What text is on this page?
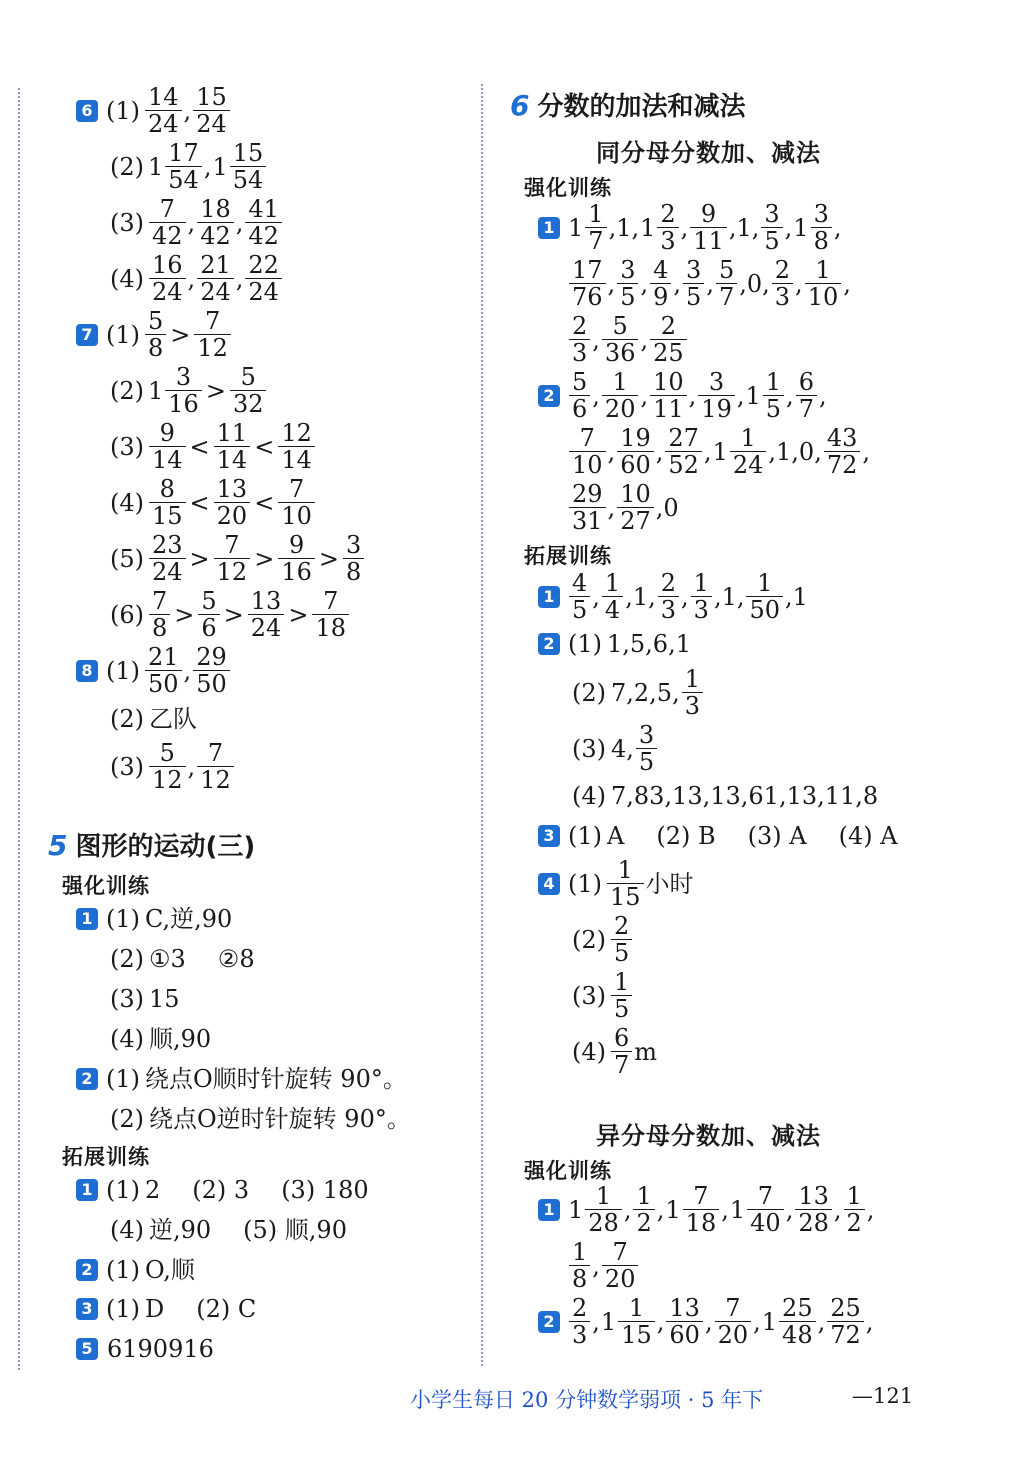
6 $(1) \frac{14}{24}$ , $\frac{15}{24}$
(2) $1 \frac{17}{54}$ , $1 \frac{15}{54}$
$(3) \frac{7}{42}$ , $\frac{18}{42}$ , $\frac{41}{42}$
$(4) \frac{16}{24}$ , $\frac{21}{24}$ , $\frac{22}{24}$
7 $(1) \frac{5}{8} > \frac{7}{12}$
(2) $1 \frac{3}{16} > \frac{5}{32}$
$(3) \frac{9}{14} < \frac{11}{14} < \frac{12}{14}$
$(4) \frac{8}{15} < \frac{13}{20} < \frac{7}{10}$
$(5) \frac{23}{24} > \frac{7}{12} > \frac{9}{16} > \frac{3}{8}$
$(6) \frac{7}{8} > \frac{5}{6} > \frac{13}{24} > \frac{7}{18}$
8 $(1) \frac{21}{50}$ , $\frac{29}{50}$
(2) 乙队
$(3) \frac{5}{12}$ , $\frac{7}{12}$
5 图形的运动(三)
强化训练
1 (1) C,逆,90
(2) ①3 ②8
(3) 15
(4) 顺,90
2 (1) 绕点O顺时针旋转 90°。
(2) 绕点O逆时针旋转 90°。
拓展训练
1 (1) 2 (2) 3 (3) 180
(4) 逆,90 (5) 顺,90
2 (1) O,顺
3 (1) D (2) C
5 6190916
6 分数的加法和减法
同分母分数加、减法
强化训练
1 $1 \frac{1}{7} ,1$, $1 \frac{2}{3}$ , $\frac{9}{11} ,1$, $\frac{3}{5}$ , $1 \frac{3}{8}$ ,
$\frac{17}{76}$ , $\frac{3}{5}$ , $\frac{4}{9}$ , $\frac{3}{5}$ , $\frac{5}{7} ,0$, $\frac{2}{3}$ , $\frac{1}{10}$ ,
$\frac{2}{3}$ , $\frac{5}{36}$ , $\frac{2}{25}$
$2 \frac{5}{6}$ , $\frac{1}{20}$ , $\frac{10}{11}$ , $\frac{3}{19}$ , $1 \frac{1}{5}$ , $\frac{6}{7}$ ,
$\frac{7}{10}$ , $\frac{19}{60}$ , $\frac{27}{52}$ , $1 \frac{1}{24} ,1,0$, $\frac{43}{72}$ ,
$\frac{29}{31}$ , $\frac{10}{27} ,0$
拓展训练
$1 \frac{4}{5}$ , $\frac{1}{4} ,1$, $\frac{2}{3}$ , $\frac{1}{3} ,1$, $\frac{1}{50} ,1$
2 (1) 1,5,6,1
(2) 7,2,5, $\frac{1}{3}$
(3) 4, $\frac{3}{5}$
(4) 7,83,13,13,61,13,11,8
3 (1) A (2) B (3) A (4) A
4 $(1) \frac{1}{15}$ 小时
$(2) \frac{2}{5}$
$(3) \frac{1}{5}$
$(4) \frac{6}{7}$ m
异分母分数加、减法
强化训练
1 $1 \frac{1}{28}$ , $\frac{1}{2}$ , $1 \frac{7}{18}$ , $1 \frac{7}{40}$ , $\frac{13}{28}$ , $\frac{1}{2}$ ,
$\frac{1}{8}$ , $\frac{7}{20}$
$2 \frac{2}{3}$ , $1 \frac{1}{15}$ , $\frac{13}{60}$ , $\frac{7}{20}$ , $1 \frac{25}{48}$ , $\frac{25}{72}$ ,
小学生每日 20 分钟数学弱项 · 5 年下	—121
